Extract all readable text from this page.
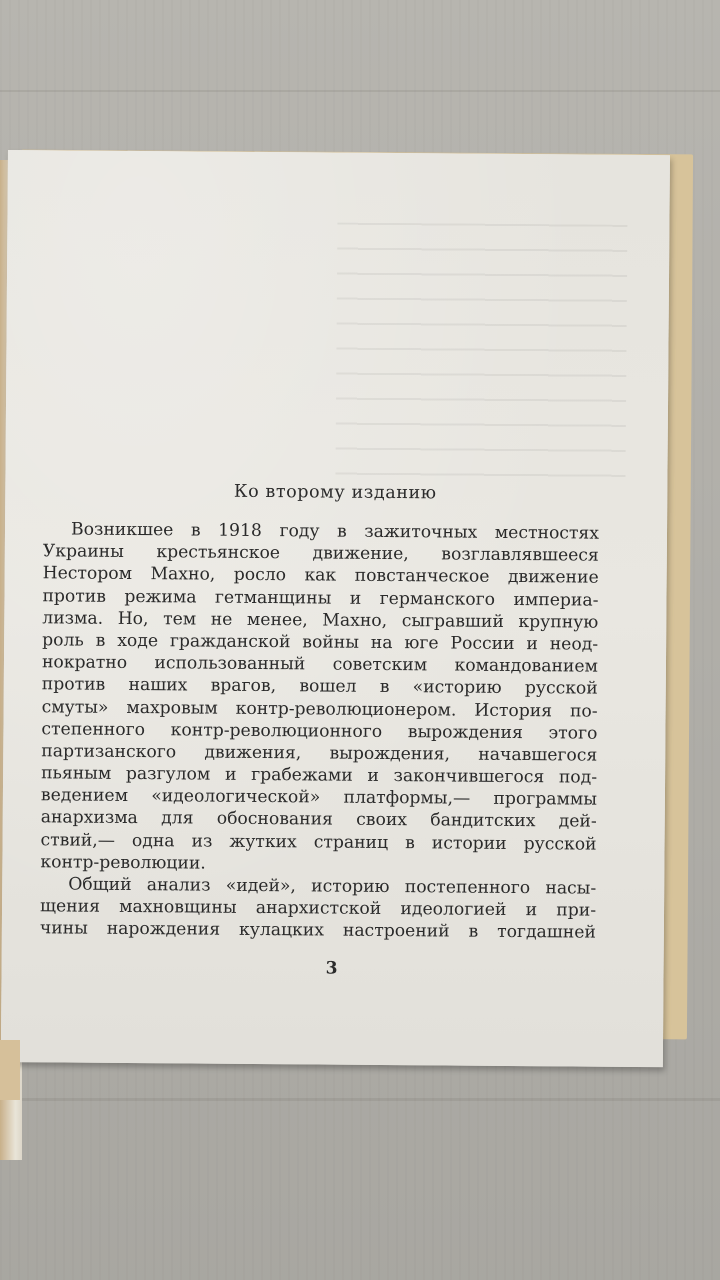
Ко второму изданию
Возникшее в 1918 году в зажиточных местностях
Украины крестьянское движение, возглавлявшееся
Нестором Махно, росло как повстанческое движение
против режима гетманщины и германского империа-
лизма. Но, тем не менее, Махно, сыгравший крупную
роль в ходе гражданской войны на юге России и неод-
нократно использованный советским командованием
против наших врагов, вошел в «историю русской
смуты» махровым контр-революционером. История по-
степенного контр-революционного вырождения этого
партизанского движения, вырождения, начавшегося
пьяным разгулом и грабежами и закончившегося под-
ведением «идеологической» платформы,— программы
анархизма для обоснования своих бандитских дей-
ствий,— одна из жутких страниц в истории русской
контр-революции.
Общий анализ «идей», историю постепенного насы-
щения махновщины анархистской идеологией и при-
чины нарождения кулацких настроений в тогдашней
3
